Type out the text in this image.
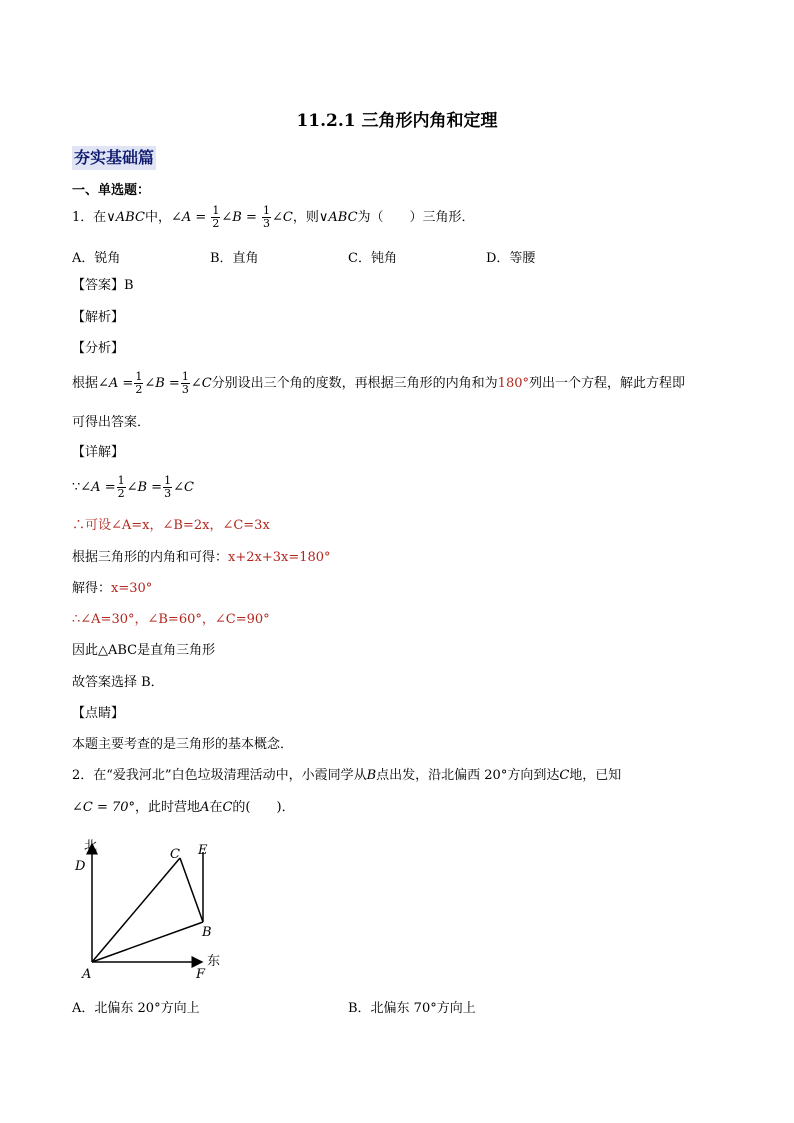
11.2.1 三角形内角和定理
夯实基础篇
一、单选题：
1．在∨ABC中，∠A = $\frac{1}{2}$ ∠B = $\frac{1}{3}$ ∠C，则∨ABC为（　　）三角形．
A．锐角	B．直角	C．钝角	D．等腰
【答案】B
【解析】
【分析】
根据∠A = $\frac{1}{2}$ ∠B = $\frac{1}{3}$ ∠C分别设出三个角的度数，再根据三角形的内角和为180°列出一个方程，解此方程即
可得出答案．
【详解】
∵∠A = $\frac{1}{2}$ ∠B = $\frac{1}{3}$ ∠C
∴可设∠A=x，∠B=2x，∠C=3x
根据三角形的内角和可得：x+2x+3x=180°
解得：x=30°
∴∠A=30°，∠B=60°，∠C=90°
因此△ABC是直角三角形
故答案选择 B．
【点睛】
本题主要考查的是三角形的基本概念．
2．在“爱我河北”白色垃圾清理活动中，小霞同学从B点出发，沿北偏西 20°方向到达C地，已知
∠C = 70°，此时营地A在C的(　　)．
北
东
D
C E
B
A	F
A．北偏东 20°方向上	B．北偏东 70°方向上
